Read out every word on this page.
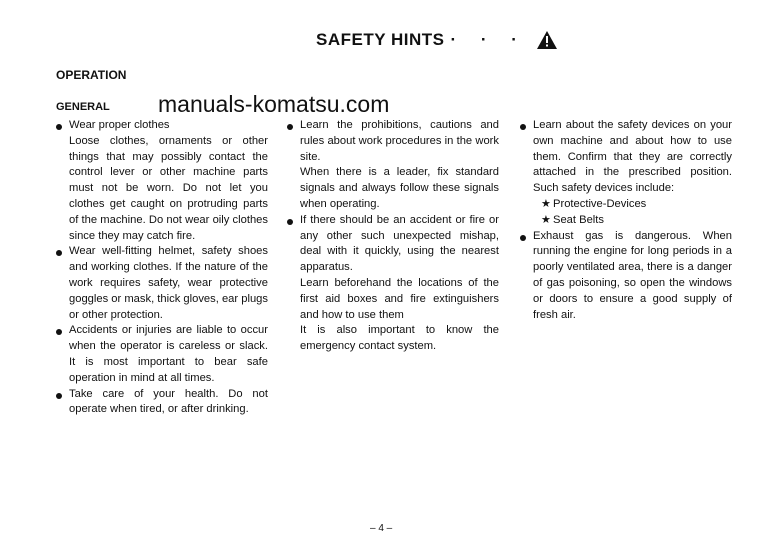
SAFETY HINTS · · ·
OPERATION
GENERAL manuals-komatsu.com

Wear proper clothes

Loose clothes, ornaments or other things that may possibly contact the control lever or other machine parts must not be worn. Do not let you clothes get caught on protruding parts of the machine. Do not wear oily clothes since they may catch fire.

Wear well-fitting helmet, safety shoes and working clothes. If the nature of the work requires safety, wear protective goggles or mask, thick gloves, ear plugs or other protection.

Accidents or injuries are liable to occur when the operator is careless or slack. It is most important to bear safe operation in mind at all times.

Take care of your health. Do not operate when tired, or after drinking.

Learn the prohibitions, cautions and rules about work procedures in the work site.

When there is a leader, fix standard signals and always follow these signals when operating.

If there should be an accident or fire or any other such unexpected mishap, deal with it quickly, using the nearest apparatus.

Learn beforehand the locations of the first aid boxes and fire extinguishers and how to use them

It is also important to know the emergency contact system.

Learn about the safety devices on your own machine and about how to use them. Confirm that they are correctly attached in the prescribed position. Such safety devices include:

★ Protective-Devices

★ Seat Belts

Exhaust gas is dangerous. When running the engine for long periods in a poorly ventilated area, there is a danger of gas poisoning, so open the windows or doors to ensure a good supply of fresh air.

– 4 –
